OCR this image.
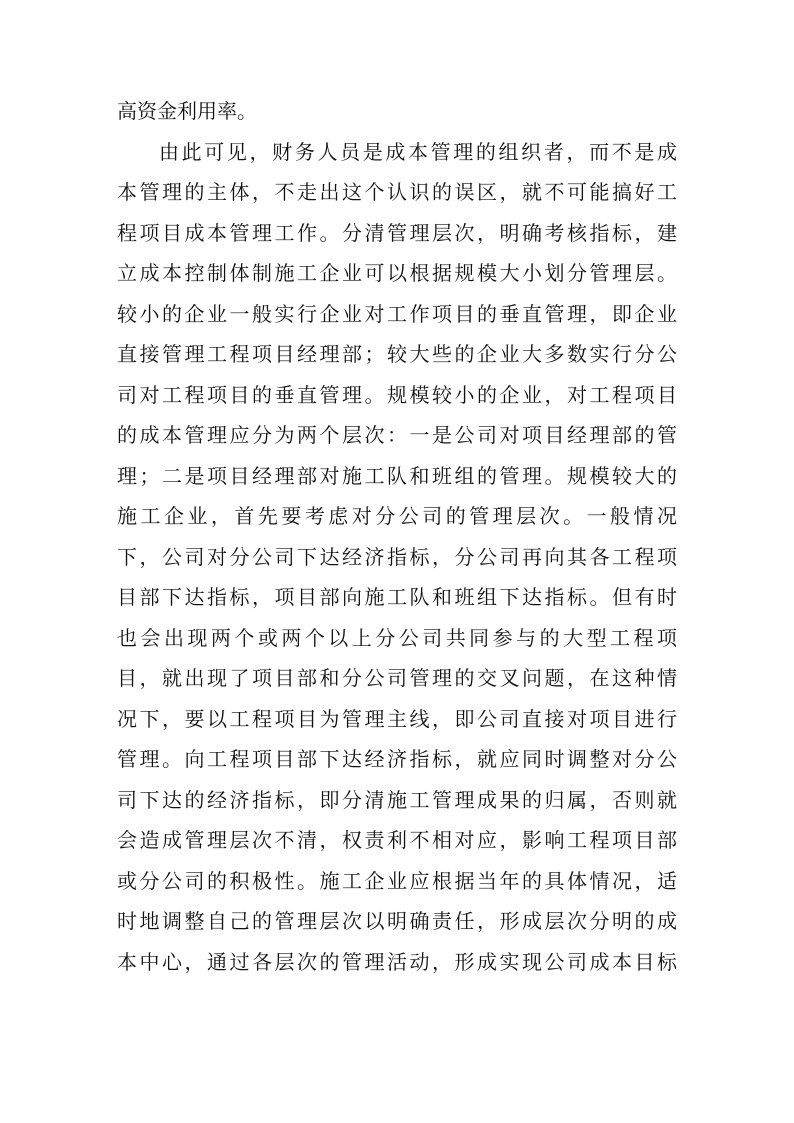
高资金利用率。
由此可见，财务人员是成本管理的组织者，而不是成
本管理的主体，不走出这个认识的误区，就不可能搞好工
程项目成本管理工作。分清管理层次，明确考核指标，建
立成本控制体制施工企业可以根据规模大小划分管理层。
较小的企业一般实行企业对工作项目的垂直管理，即企业
直接管理工程项目经理部；较大些的企业大多数实行分公
司对工程项目的垂直管理。规模较小的企业，对工程项目
的成本管理应分为两个层次：一是公司对项目经理部的管
理；二是项目经理部对施工队和班组的管理。规模较大的
施工企业，首先要考虑对分公司的管理层次。一般情况
下，公司对分公司下达经济指标，分公司再向其各工程项
目部下达指标，项目部向施工队和班组下达指标。但有时
也会出现两个或两个以上分公司共同参与的大型工程项
目，就出现了项目部和分公司管理的交叉问题，在这种情
况下，要以工程项目为管理主线，即公司直接对项目进行
管理。向工程项目部下达经济指标，就应同时调整对分公
司下达的经济指标，即分清施工管理成果的归属，否则就
会造成管理层次不清，权责利不相对应，影响工程项目部
或分公司的积极性。施工企业应根据当年的具体情况，适
时地调整自己的管理层次以明确责任，形成层次分明的成
本中心，通过各层次的管理活动，形成实现公司成本目标
